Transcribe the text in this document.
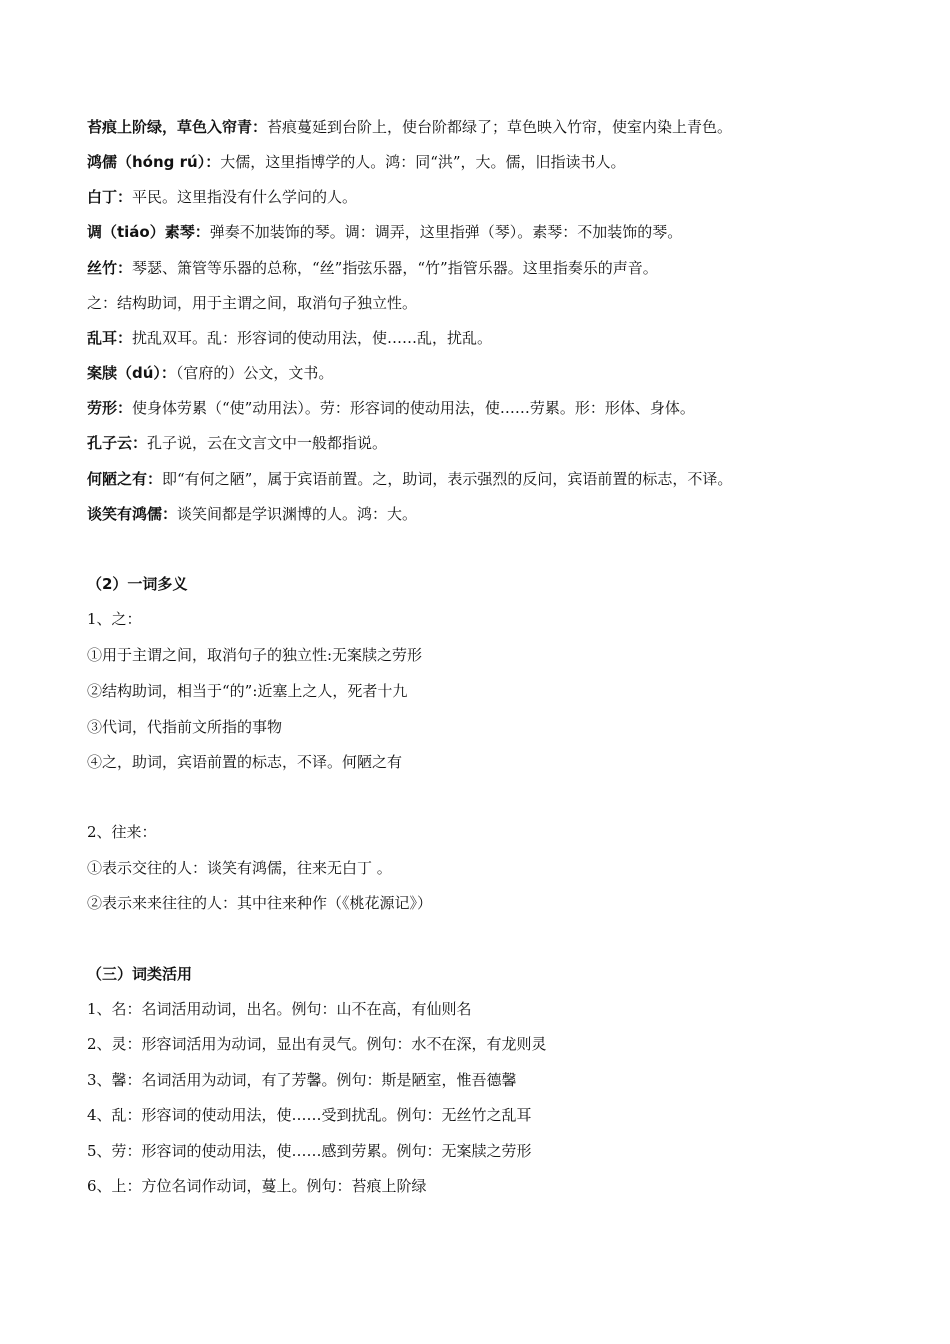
苔痕上阶绿，草色入帘青：苔痕蔓延到台阶上，使台阶都绿了；草色映入竹帘，使室内染上青色。
鸿儒（hóng rú）：大儒，这里指博学的人。鸿：同“洪”，大。儒，旧指读书人。
白丁：平民。这里指没有什么学问的人。
调（tiáo）素琴：弹奏不加装饰的琴。调：调弄，这里指弹（琴）。素琴：不加装饰的琴。
丝竹：琴瑟、箫管等乐器的总称，“丝”指弦乐器，“竹”指管乐器。这里指奏乐的声音。
之：结构助词，用于主谓之间，取消句子独立性。
乱耳：扰乱双耳。乱：形容词的使动用法，使……乱，扰乱。
案牍（dú）：（官府的）公文，文书。
劳形：使身体劳累（“使”动用法）。劳：形容词的使动用法，使……劳累。形：形体、身体。
孔子云：孔子说，云在文言文中一般都指说。
何陋之有：即“有何之陋”，属于宾语前置。之，助词，表示强烈的反问，宾语前置的标志，不译。
谈笑有鸿儒：谈笑间都是学识渊博的人。鸿：大。
（2）一词多义
1、之：
①用于主谓之间，取消句子的独立性:无案牍之劳形
②结构助词，相当于“的”:近塞上之人，死者十九
③代词，代指前文所指的事物
④之，助词，宾语前置的标志，不译。何陋之有
2、往来：
①表示交往的人：谈笑有鸿儒，往来无白丁 。
②表示来来往往的人：其中往来种作（《桃花源记》）
（三）词类活用
1、名：名词活用动词，出名。例句：山不在高，有仙则名
2、灵：形容词活用为动词，显出有灵气。例句：水不在深，有龙则灵
3、馨：名词活用为动词，有了芳馨。例句：斯是陋室，惟吾德馨
4、乱：形容词的使动用法，使……受到扰乱。例句：无丝竹之乱耳
5、劳：形容词的使动用法，使……感到劳累。例句：无案牍之劳形
6、上：方位名词作动词，蔓上。例句：苔痕上阶绿
